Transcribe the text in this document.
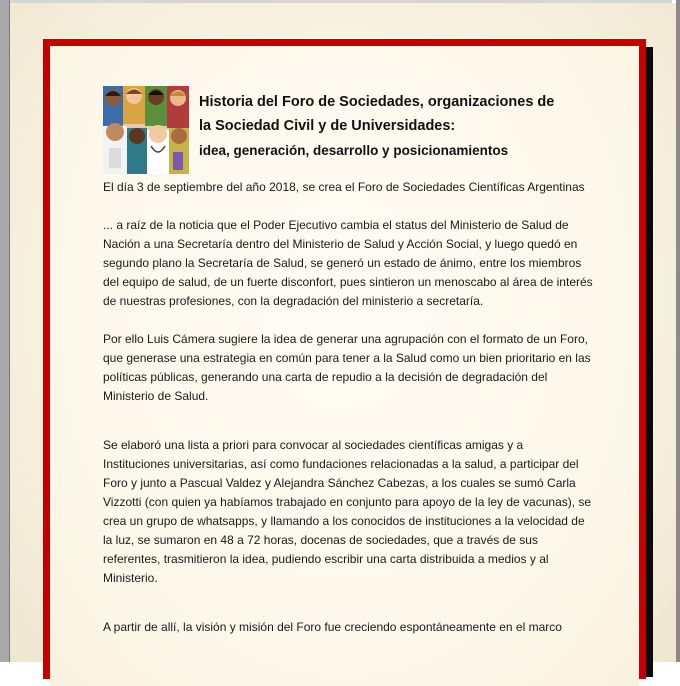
Historia del Foro de Sociedades, organizaciones de

la Sociedad Civil y de Universidades:

idea, generación, desarrollo y posicionamientos

El día 3 de septiembre del año 2018, se crea el Foro de Sociedades Científicas Argentinas

... a raíz de la noticia que el Poder Ejecutivo cambia el status del Ministerio de Salud de Nación a una Secretaría dentro del Ministerio de Salud y Acción Social, y luego quedó en segundo plano la Secretaría de Salud, se generó un estado de ánimo, entre los miembros del equipo de salud, de un fuerte disconfort, pues sintieron un menoscabo al área de interés de nuestras profesiones, con la degradación del ministerio a secretaría.

Por ello Luis Cámera sugiere la idea de generar una agrupación con el formato de un Foro, que generase una estrategia en común para tener a la Salud como un bien prioritario en las políticas públicas, generando una carta de repudio a la decisión de degradación del Ministerio de Salud.

Se elaboró una lista a priori para convocar al sociedades científicas amigas y a Instituciones universitarias, así como fundaciones relacionadas a la salud, a participar del Foro y junto a Pascual Valdez y Alejandra Sánchez Cabezas, a los cuales se sumó Carla Vizzotti (con quien ya habíamos trabajado en conjunto para apoyo de la ley de vacunas), se crea un grupo de whatsapps, y llamando a los conocidos de instituciones a la velocidad de la luz, se sumaron en 48 a 72 horas, docenas de sociedades, que a través de sus referentes, trasmitieron la idea, pudiendo escribir una carta distribuida a medios y al Ministerio.

A partir de allí, la visión y misión del Foro fue creciendo espontáneamente en el marco
